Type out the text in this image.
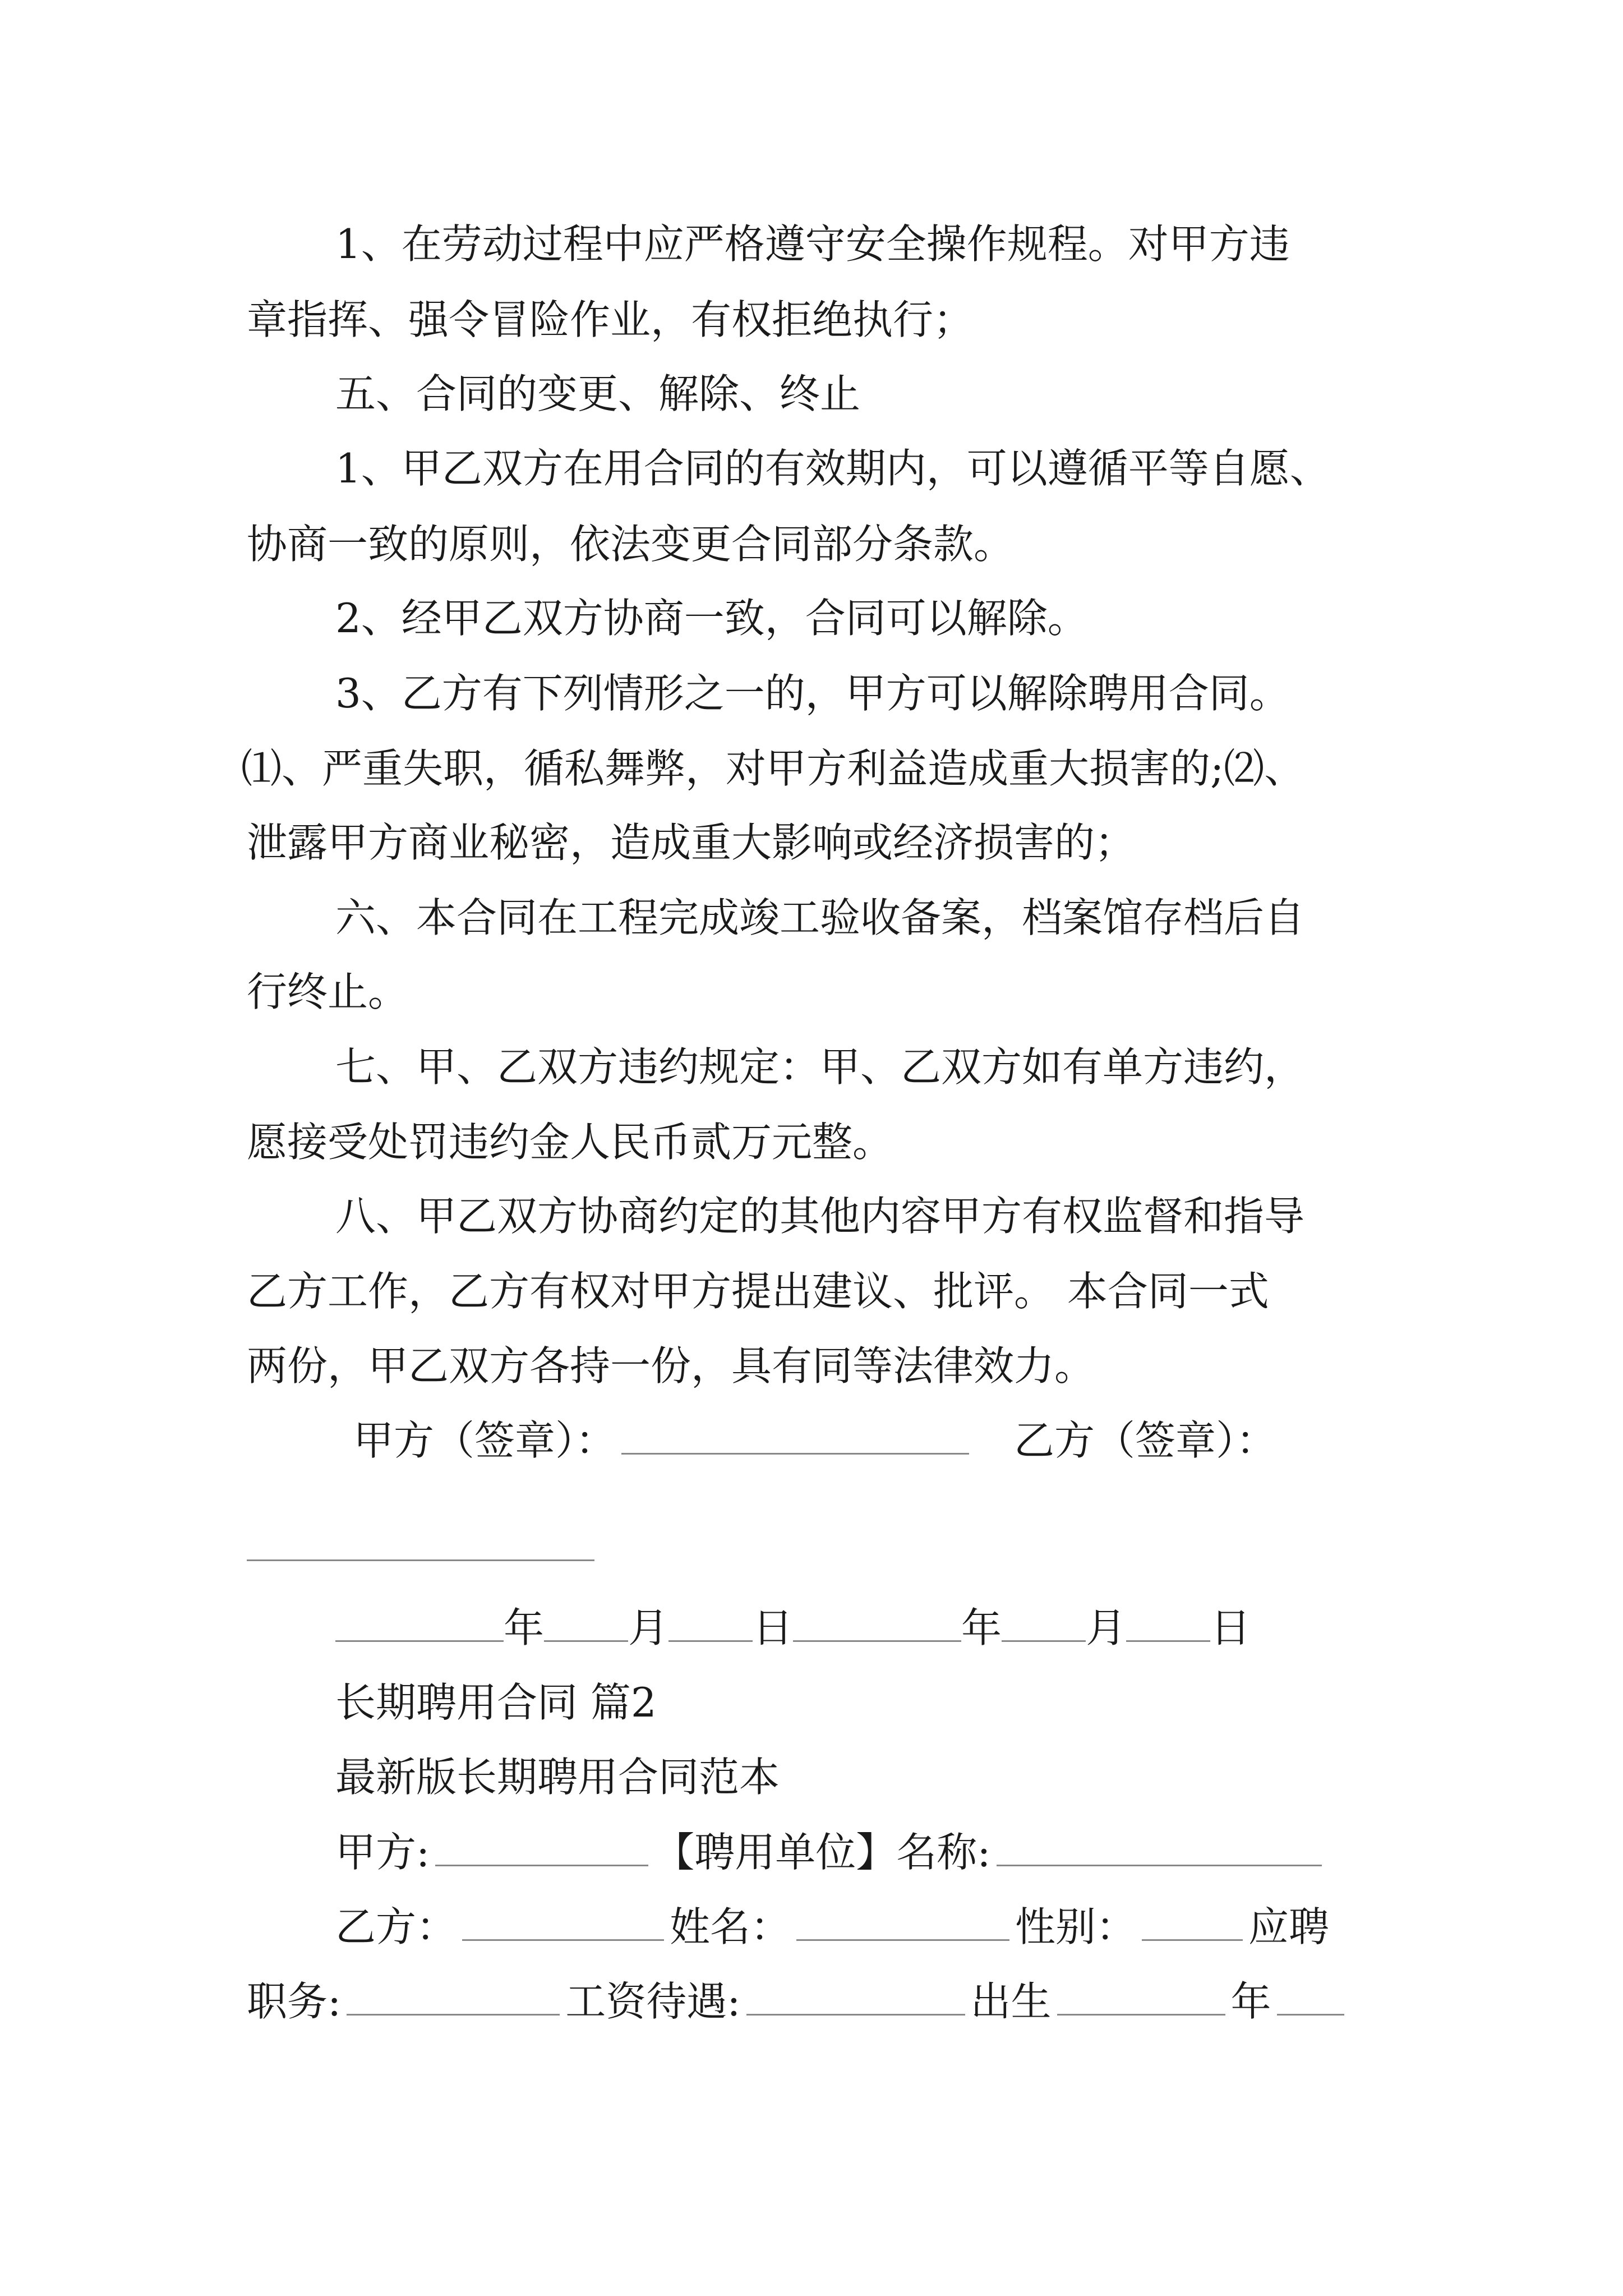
1、在劳动过程中应严格遵守安全操作规程。对甲方违
章指挥、强令冒险作业，有权拒绝执行；
五、合同的变更、解除、终止
1、甲乙双方在用合同的有效期内，可以遵循平等自愿、
协商一致的原则，依法变更合同部分条款。
2、经甲乙双方协商一致，合同可以解除。
3、乙方有下列情形之一的，甲方可以解除聘用合同。
⑴、严重失职，循私舞弊，对甲方利益造成重大损害的;⑵、
泄露甲方商业秘密，造成重大影响或经济损害的；
六、本合同在工程完成竣工验收备案，档案馆存档后自
行终止。
七、甲、乙双方违约规定：甲、乙双方如有单方违约，
愿接受处罚违约金人民币贰万元整。
八、甲乙双方协商约定的其他内容甲方有权监督和指导
乙方工作，乙方有权对甲方提出建议、批评。 本合同一式
两份，甲乙双方各持一份，具有同等法律效力。
甲方（签章）：	乙方（签章）：
年 月 日	年 月 日
长期聘用合同 篇2
最新版长期聘用合同范本
甲方:	【聘用单位】名称:
乙方：	姓名：	性别：	应聘
职务:	工资待遇:	出生	年
